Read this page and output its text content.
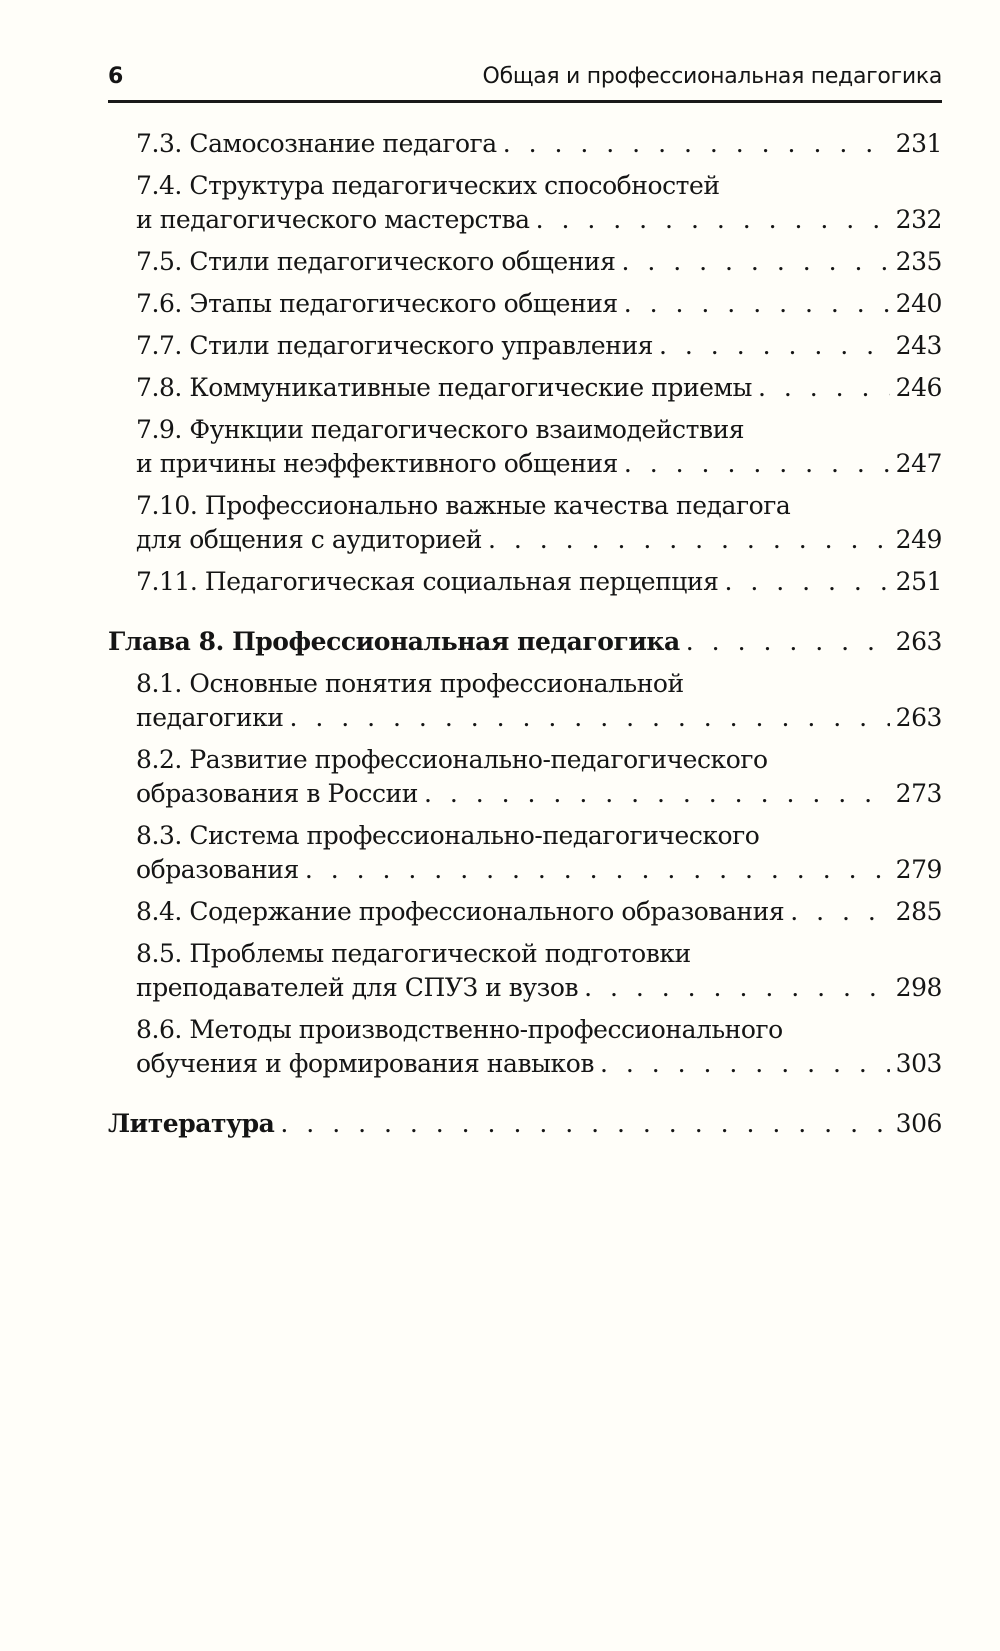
6	Общая и профессиональная педагогика
7.3. Самосознание педагога . . .	231
7.4. Структура педагогических способностей
и педагогического мастерства . . .	232
7.5. Стили педагогического общения . . .	235
7.6. Этапы педагогического общения . . .	240
7.7. Стили педагогического управления . . .	243
7.8. Коммуникативные педагогические приемы . . .	246
7.9. Функции педагогического взаимодействия
и причины неэффективного общения . . .	247
7.10. Профессионально важные качества педагога
для общения с аудиторией . . .	249
7.11. Педагогическая социальная перцепция . . .	251
Глава 8. Профессиональная педагогика . . .	263
8.1. Основные понятия профессиональной
педагогики . . .	263
8.2. Развитие профессионально-педагогического
образования в России . . .	273
8.3. Система профессионально-педагогического
образования . . .	279
8.4. Содержание профессионального образования . . .	285
8.5. Проблемы педагогической подготовки
преподавателей для СПУЗ и вузов . . .	298
8.6. Методы производственно-профессионального
обучения и формирования навыков . . .	303
Литература . . .	306
